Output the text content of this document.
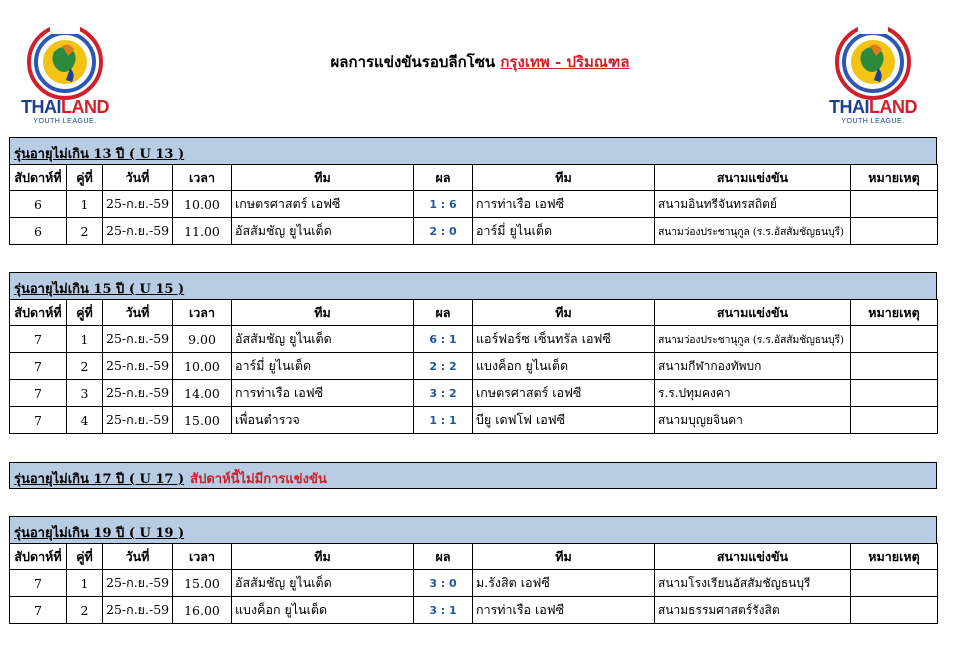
THAILAND
YOUTH LEAGUE.
THAILAND
YOUTH LEAGUE.
ผลการแข่งขันรอบลีกโซน กรุงเทพ - ปริมณฑล
รุ่นอายุไม่เกิน 13 ปี ( U 13 )
สัปดาห์ที่	คู่ที่	วันที่	เวลา	ทีม	ผล	ทีม	สนามแข่งขัน	หมายเหตุ
6	1	25-ก.ย.-59	10.00	เกษตรศาสตร์ เอฟซี	1 : 6	การท่าเรือ เอฟซี	สนามอินทรีจันทรสถิตย์	
6	2	25-ก.ย.-59	11.00	อัสสัมชัญ ยูไนเต็ด	2 : 0	อาร์มี่ ยูไนเต็ด	สนามว่องประชานุกูล (ร.ร.อัสสัมชัญธนบุรี)	
รุ่นอายุไม่เกิน 15 ปี ( U 15 )
สัปดาห์ที่	คู่ที่	วันที่	เวลา	ทีม	ผล	ทีม	สนามแข่งขัน	หมายเหตุ
7	1	25-ก.ย.-59	9.00	อัสสัมชัญ ยูไนเต็ด	6 : 1	แอร์ฟอร์ซ เซ็นทรัล เอฟซี	สนามว่องประชานุกูล (ร.ร.อัสสัมชัญธนบุรี)	
7	2	25-ก.ย.-59	10.00	อาร์มี่ ยูไนเต็ด	2 : 2	แบงค็อก ยูไนเต็ด	สนามกีฬากองทัพบก	
7	3	25-ก.ย.-59	14.00	การท่าเรือ เอฟซี	3 : 2	เกษตรศาสตร์ เอฟซี	ร.ร.ปทุมคงคา	
7	4	25-ก.ย.-59	15.00	เพื่อนตำรวจ	1 : 1	บียู เดฟโฟ เอฟซี	สนามบุญยจินดา	
รุ่นอายุไม่เกิน 17 ปี ( U 17 ) สัปดาห์นี้ไม่มีการแข่งขัน
รุ่นอายุไม่เกิน 19 ปี ( U 19 )
สัปดาห์ที่	คู่ที่	วันที่	เวลา	ทีม	ผล	ทีม	สนามแข่งขัน	หมายเหตุ
7	1	25-ก.ย.-59	15.00	อัสสัมชัญ ยูไนเต็ด	3 : 0	ม.รังสิต เอฟซี	สนามโรงเรียนอัสสัมชัญธนบุรี	
7	2	25-ก.ย.-59	16.00	แบงค็อก ยูไนเต็ด	3 : 1	การท่าเรือ เอฟซี	สนามธรรมศาสตร์รังสิต	
